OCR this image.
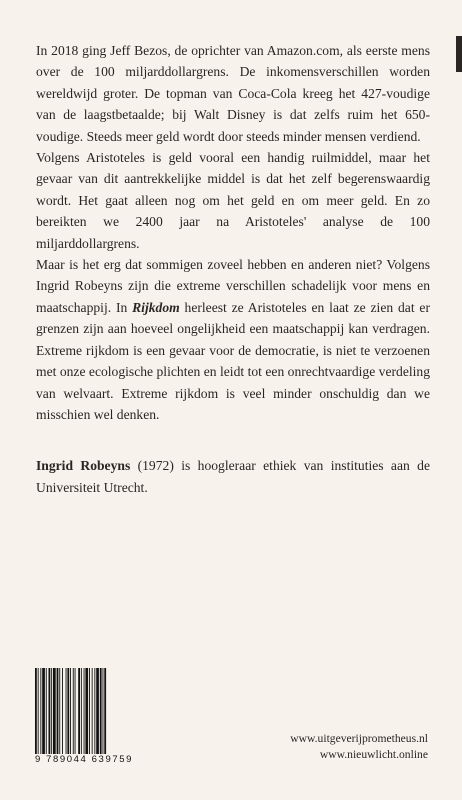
In 2018 ging Jeff Bezos, de oprichter van Amazon.com, als eerste mens over de 100 miljarddollargrens. De inkomensverschillen worden wereldwijd groter. De topman van Coca-Cola kreeg het 427-voudige van de laagstbetaalde; bij Walt Disney is dat zelfs ruim het 650-voudige. Steeds meer geld wordt door steeds minder mensen verdiend.

Volgens Aristoteles is geld vooral een handig ruilmiddel, maar het gevaar van dit aantrekkelijke middel is dat het zelf begerenswaardig wordt. Het gaat alleen nog om het geld en om meer geld. En zo bereikten we 2400 jaar na Aristoteles' analyse de 100 miljarddollargrens.

Maar is het erg dat sommigen zoveel hebben en anderen niet? Volgens Ingrid Robeyns zijn die extreme verschillen schadelijk voor mens en maatschappij. In Rijkdom herleest ze Aristoteles en laat ze zien dat er grenzen zijn aan hoeveel ongelijkheid een maatschappij kan verdragen. Extreme rijkdom is een gevaar voor de democratie, is niet te verzoenen met onze ecologische plichten en leidt tot een onrechtvaardige verdeling van welvaart. Extreme rijkdom is veel minder onschuldig dan we misschien wel denken.

Ingrid Robeyns (1972) is hoogleraar ethiek van instituties aan de Universiteit Utrecht.

9 789044 639759
www.uitgeverijprometheus.nl
www.nieuwlicht.online
